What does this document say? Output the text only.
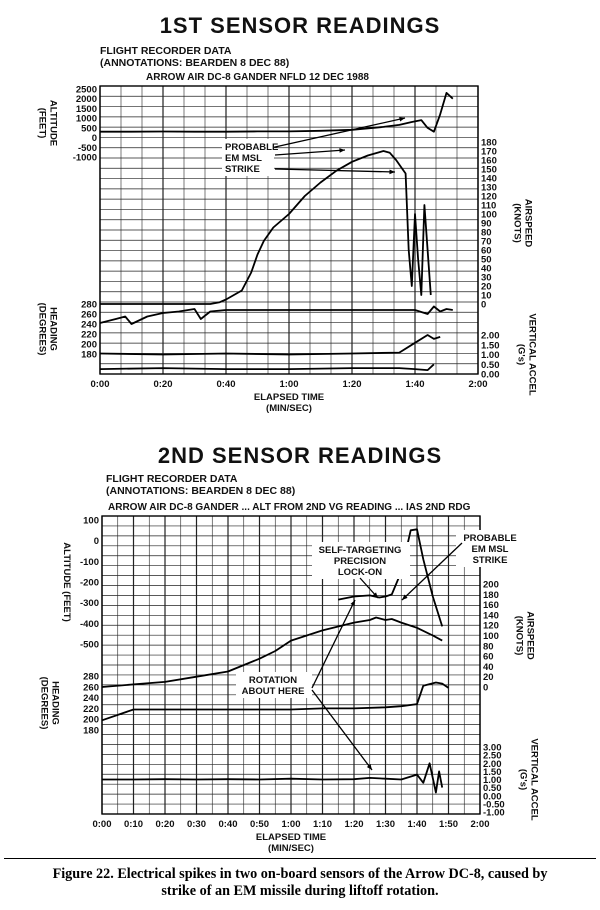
1ST SENSOR READINGS
FLIGHT RECORDER DATA
(ANNOTATIONS: BEARDEN 8 DEC 88)
ARROW AIR DC-8 GANDER NFLD 12 DEC 1988
0:00	0:20	0:40	1:00	1:20	1:40	2:00
ELAPSED TIME
(MIN/SEC)
2500
2000
1500
1000
500
0
-500
-1000
ALTITUDE
(FEET)
280
260
240
220
200
180
HEADING
(DEGREES)
180
170
160
150
140
130
120
110
100
90
80
70
60
50
40
30
20
10
0
AIRSPEED
(KNOTS)
2.00
1.50
1.00
0.50
0.00	VERTICAL ACCEL
(G's)
PROBABLE
EM MSL
STRIKE
2ND SENSOR READINGS
FLIGHT RECORDER DATA
(ANNOTATIONS: BEARDEN 8 DEC 88)
ARROW AIR DC-8 GANDER ... ALT FROM 2ND VG READING ... IAS 2ND RDG
0:00 0:10 0:20 0:30 0:40 0:50 1:00 1:10 1:20 1:30 1:40 1:50 2:00
ELAPSED TIME
(MIN/SEC)
100
0
-100
-200
-300
-400
-500
ALTITUDE (FEET)
280
260
240
220
200
180
HEADING
(DEGREES)
200
180
160
140
120
100
80
60
40
20
0
AIRSPEED
(KNOTS)
3.00
2.50
2.00
1.50
1.00
0.50
0.00
-0.50
-1.00	VERTICAL ACCEL
(G's)
PROBABLE
EM MSL
STRIKE
SELF-TARGETING
PRECISION
LOCK-ON
ROTATION
ABOUT HERE
Figure 22. Electrical spikes in two on-board sensors of the Arrow DC-8, caused by
strike of an EM missile during liftoff rotation.
